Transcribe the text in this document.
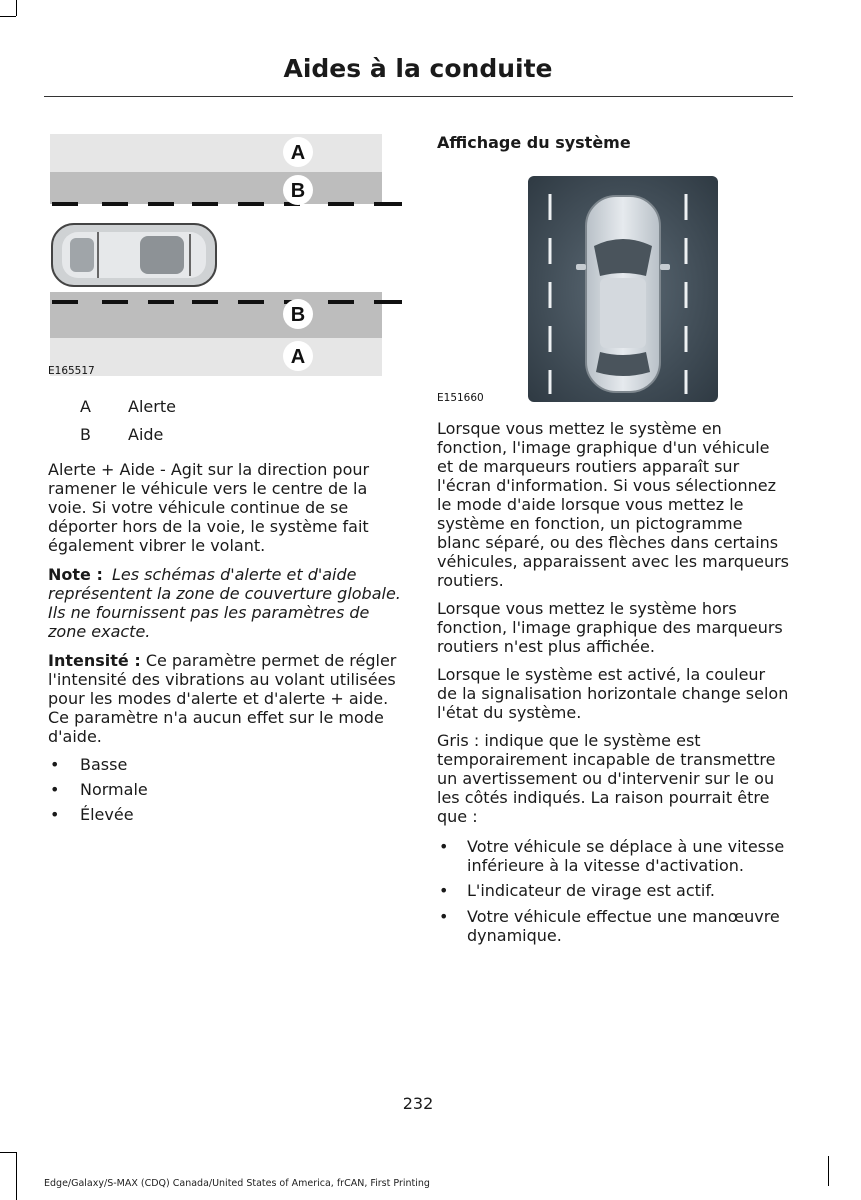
Aides à la conduite
A
B
B
A
E165517
A Alerte
B Aide

Alerte + Aide - Agit sur la direction pour ramener le véhicule vers le centre de la voie. Si votre véhicule continue de se déporter hors de la voie, le système fait également vibrer le volant.

Note : Les schémas d'alerte et d'aide représentent la zone de couverture globale. Ils ne fournissent pas les paramètres de zone exacte.

Intensité : Ce paramètre permet de régler l'intensité des vibrations au volant utilisées pour les modes d'alerte et d'alerte + aide. Ce paramètre n'a aucun effet sur le mode d'aide.

• Basse
• Normale
• Élevée
Affichage du système
E151660

Lorsque vous mettez le système en fonction, l'image graphique d'un véhicule et de marqueurs routiers apparaît sur l'écran d'information. Si vous sélectionnez le mode d'aide lorsque vous mettez le système en fonction, un pictogramme blanc séparé, ou des flèches dans certains véhicules, apparaissent avec les marqueurs routiers.

Lorsque vous mettez le système hors fonction, l'image graphique des marqueurs routiers n'est plus affichée.

Lorsque le système est activé, la couleur de la signalisation horizontale change selon l'état du système.

Gris : indique que le système est temporairement incapable de transmettre un avertissement ou d'intervenir sur le ou les côtés indiqués. La raison pourrait être que :

• Votre véhicule se déplace à une vitesse inférieure à la vitesse d'activation.
• L'indicateur de virage est actif.
• Votre véhicule effectue une manœuvre dynamique.
232
Edge/Galaxy/S-MAX (CDQ) Canada/United States of America, frCAN, First Printing
